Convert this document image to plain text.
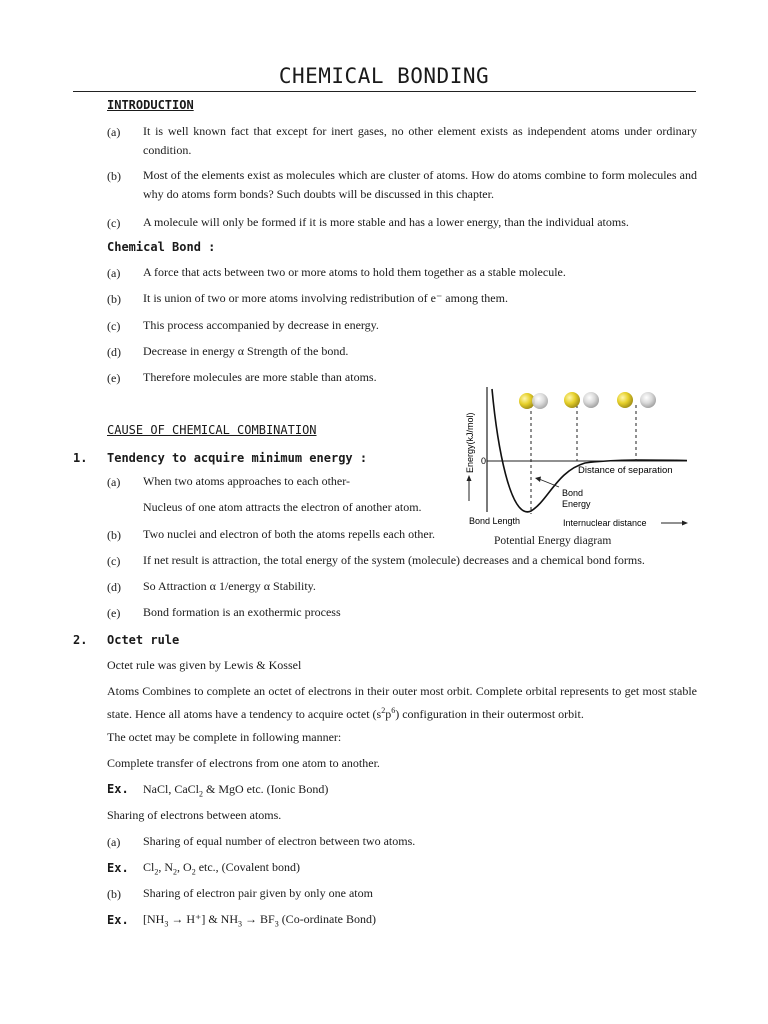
CHEMICAL BONDING
INTRODUCTION
(a) It is well known fact that except for inert gases, no other element exists as independent atoms under ordinary condition.
(b) Most of the elements exist as molecules which are cluster of atoms. How do atoms combine to form molecules and why do atoms form bonds? Such doubts will be discussed in this chapter.
(c) A molecule will only be formed if it is more stable and has a lower energy, than the individual atoms.
Chemical Bond :
(a) A force that acts between two or more atoms to hold them together as a stable molecule.
(b) It is union of two or more atoms involving redistribution of e⁻ among them.
(c) This process accompanied by decrease in energy.
(d) Decrease in energy α Strength of the bond.
(e) Therefore molecules are more stable than atoms.
CAUSE OF CHEMICAL COMBINATION
1. Tendency to acquire minimum energy :
(a) When two atoms approaches to each other-
Nucleus of one atom attracts the electron of another atom.
(b) Two nuclei and electron of both the atoms repells each other.
(c) If net result is attraction, the total energy of the system (molecule) decreases and a chemical bond forms.
(d) So Attraction α 1/energy α Stability.
(e) Bond formation is an exothermic process
2. Octet rule
Octet rule was given by Lewis & Kossel
Atoms Combines to complete an octet of electrons in their outer most orbit. Complete orbital represents to get most stable state. Hence all atoms have a tendency to acquire octet $(s^2p^6)$ configuration in their outermost orbit.
The octet may be complete in following manner:
Complete transfer of electrons from one atom to another.
Ex. NaCl, CaCl$_2$ & MgO etc. (Ionic Bond)
Sharing of electrons between atoms.
(a) Sharing of equal number of electron between two atoms.
Ex. $Cl_2$, $N_2$, $O_2$ etc., (Covalent bond)
(b) Sharing of electron pair given by only one atom
Ex. $[NH_3 \to H^+]$ & $NH_3 \to BF_3$ (Co-ordinate Bond)
Energy(kJ/mol) 0
Distance of separation
Bond
Energy
Bond Length	Internuclear distance
Potential Energy diagram
